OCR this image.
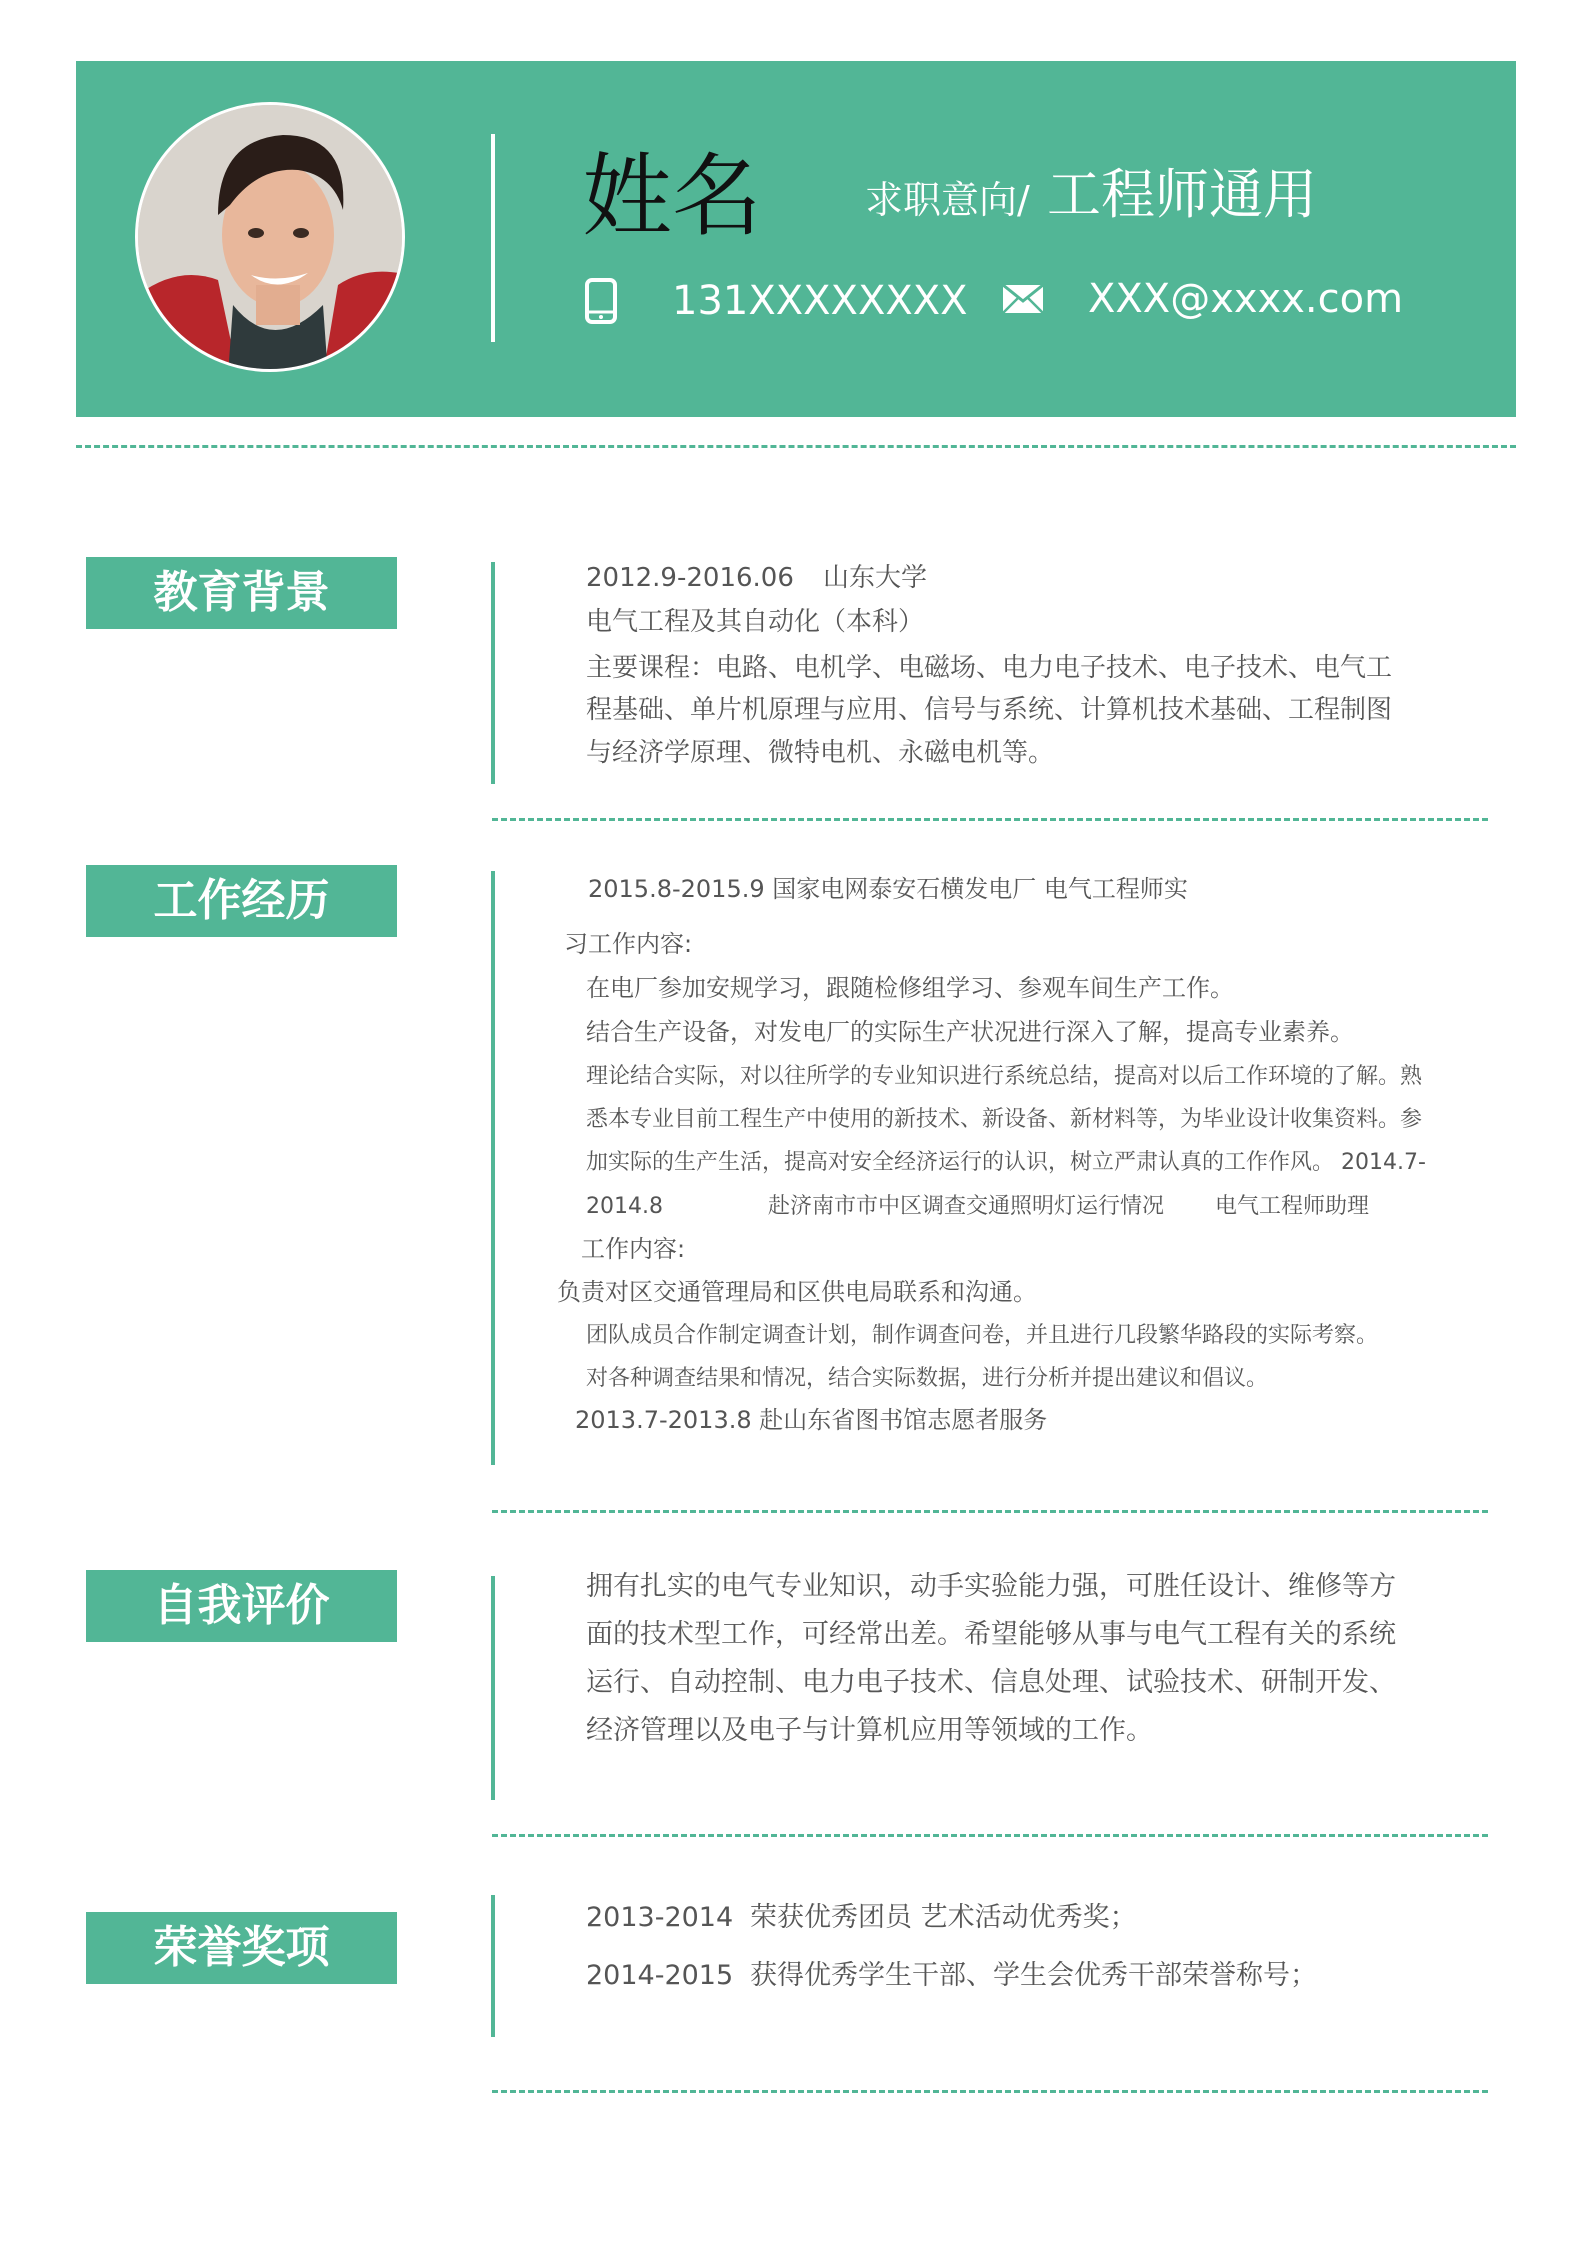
姓名	求职意向/ 工程师通用
131XXXXXXXX	XXX@xxxx.com
教育背景	2012.9-2016.06 山东大学
电气工程及其自动化（本科）
主要课程：电路、电机学、电磁场、电力电子技术、电子技术、电气工
程基础、单片机原理与应用、信号与系统、计算机技术基础、工程制图
与经济学原理、微特电机、永磁电机等。
工作经历	2015.8-2015.9 国家电网泰安石横发电厂 电气工程师实
习工作内容:
在电厂参加安规学习，跟随检修组学习、参观车间生产工作。
结合生产设备，对发电厂的实际生产状况进行深入了解，提高专业素养。
理论结合实际，对以往所学的专业知识进行系统总结，提高对以后工作环境的了解。熟
悉本专业目前工程生产中使用的新技术、新设备、新材料等，为毕业设计收集资料。参
加实际的生产生活，提高对安全经济运行的认识，树立严肃认真的工作作风。 2014.7-
2014.8	赴济南市市中区调查交通照明灯运行情况 电气工程师助理
工作内容:
负责对区交通管理局和区供电局联系和沟通。
团队成员合作制定调查计划，制作调查问卷，并且进行几段繁华路段的实际考察。
对各种调查结果和情况，结合实际数据，进行分析并提出建议和倡议。
2013.7-2013.8 赴山东省图书馆志愿者服务
自我评价	拥有扎实的电气专业知识，动手实验能力强，可胜任设计、维修等方
面的技术型工作，可经常出差。希望能够从事与电气工程有关的系统
运行、自动控制、电力电子技术、信息处理、试验技术、研制开发、
经济管理以及电子与计算机应用等领域的工作。
荣誉奖项
2013-2014 荣获优秀团员 艺术活动优秀奖；
2014-2015 获得优秀学生干部、学生会优秀干部荣誉称号；
